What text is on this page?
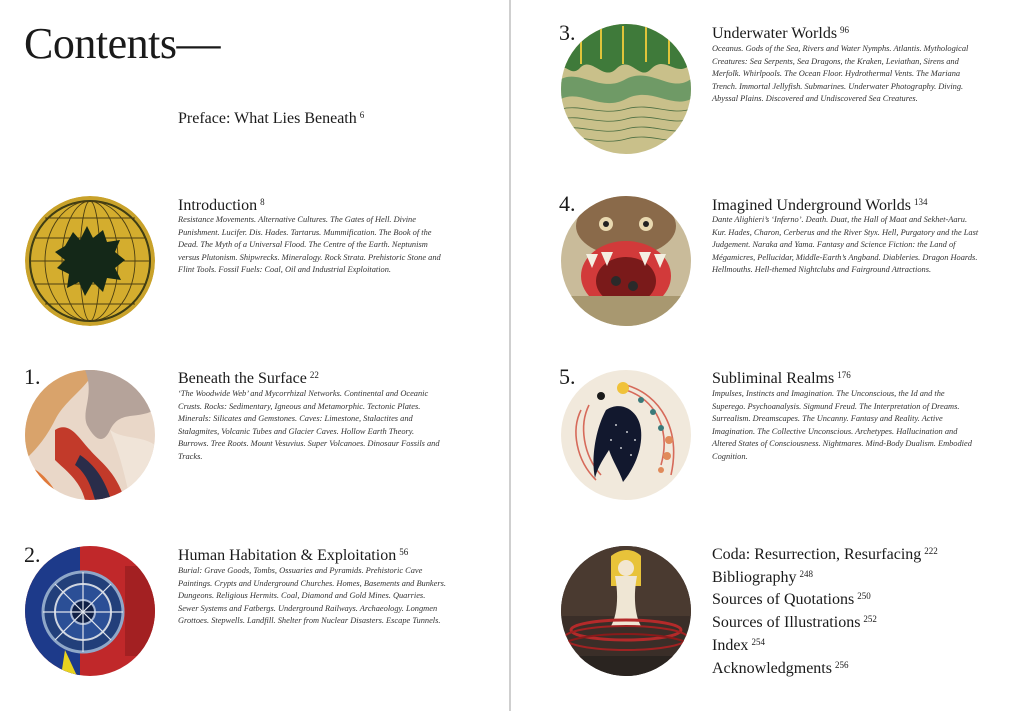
Contents—
Preface: What Lies Beneath $^6$
Introduction $^8$
Resistance Movements. Alternative Cultures. The Gates of Hell. Divine Punishment. Lucifer. Dis. Hades. Tartarus. Mummification. The Book of the Dead. The Myth of a Universal Flood. The Centre of the Earth. Neptunism versus Plutonism. Shipwrecks. Mineralogy. Rock Strata. Prehistoric Stone and Flint Tools. Fossil Fuels: Coal, Oil and Industrial Exploitation.
1.	Beneath the Surface $^{22}$
‘The Woodwide Web’ and Mycorrhizal Networks. Continental and Oceanic Crusts. Rocks: Sedimentary, Igneous and Metamorphic. Tectonic Plates. Minerals: Silicates and Gemstones. Caves: Limestone, Stalactites and Stalagmites, Volcanic Tubes and Glacier Caves. Hollow Earth Theory. Burrows. Tree Roots. Mount Vesuvius. Super Volcanoes. Dinosaur Fossils and Tracks.
2.	Human Habitation & Exploitation $^{56}$
Burial: Grave Goods, Tombs, Ossuaries and Pyramids. Prehistoric Cave Paintings. Crypts and Underground Churches. Homes, Basements and Bunkers. Dungeons. Religious Hermits. Coal, Diamond and Gold Mines. Quarries. Sewer Systems and Fatbergs. Underground Railways. Archaeology. Longmen Grottoes. Stepwells. Landfill. Shelter from Nuclear Disasters. Escape Tunnels.
3.	Underwater Worlds $^{96}$
Oceanus. Gods of the Sea, Rivers and Water Nymphs. Atlantis. Mythological Creatures: Sea Serpents, Sea Dragons, the Kraken, Leviathan, Sirens and Merfolk. Whirlpools. The Ocean Floor. Hydrothermal Vents. The Mariana Trench. Immortal Jellyfish. Submarines. Underwater Photography. Diving. Abyssal Plains. Discovered and Undiscovered Sea Creatures.
4.	Imagined Underground Worlds $^{134}$
Dante Alighieri’s ‘Inferno’. Death. Duat, the Hall of Maat and Sekhet-Aaru. Kur. Hades, Charon, Cerberus and the River Styx. Hell, Purgatory and the Last Judgement. Naraka and Yama. Fantasy and Science Fiction: the Land of Mégamicres, Pellucidar, Middle-Earth’s Angband. Diableries. Dragon Hoards. Hellmouths. Hell-themed Nightclubs and Fairground Attractions.
5.	Subliminal Realms $^{176}$
Impulses, Instincts and Imagination. The Unconscious, the Id and the Superego. Psychoanalysis. Sigmund Freud. The Interpretation of Dreams. Surrealism. Dreamscapes. The Uncanny. Fantasy and Reality. Active Imagination. The Collective Unconscious. Archetypes. Hallucination and Altered States of Consciousness. Nightmares. Mind-Body Dualism. Embodied Cognition.
Coda: Resurrection, Resurfacing $^{222}$
Bibliography $^{248}$
Sources of Quotations $^{250}$
Sources of Illustrations $^{252}$
Index $^{254}$
Acknowledgments $^{256}$
